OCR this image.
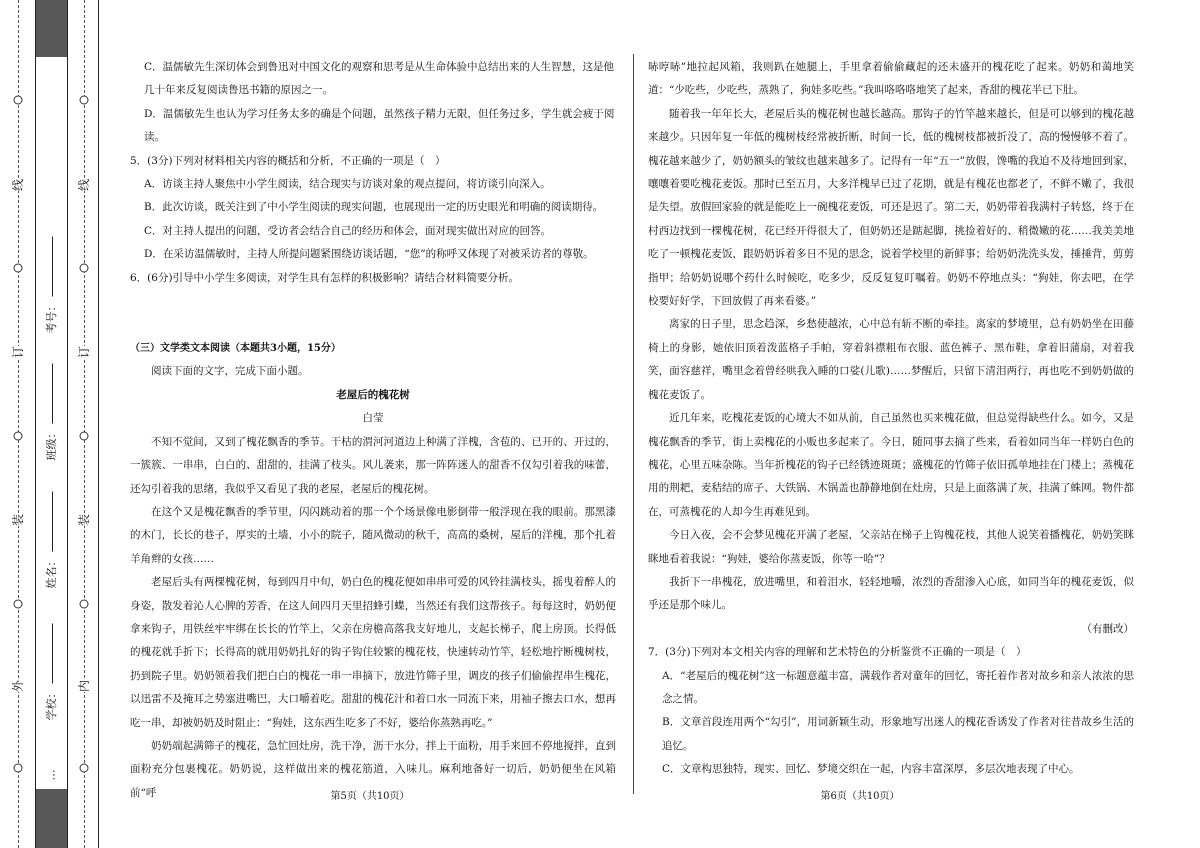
外
装
订
线
内
装
订
线
学校：
姓名：
班级：
考号：
…

C．温儒敏先生深切体会到鲁迅对中国文化的观察和思考是从生命体验中总结出来的人生智慧，这是他

几十年来反复阅读鲁迅书籍的原因之一。

D．温儒敏先生也认为学习任务太多的确是个问题，虽然孩子精力无限，但任务过多，学生就会疲于阅

读。

5．(3分)下列对材料相关内容的概括和分析，不正确的一项是（　）

A．访谈主持人聚焦中小学生阅读，结合现实与访谈对象的观点提问，将访谈引向深入。

B．此次访谈，既关注到了中小学生阅读的现实问题，也展现出一定的历史眼光和明确的阅读期待。

C．对主持人提出的问题，受访者会结合自己的经历和体会，面对现实做出对应的回答。

D．在采访温儒敏时，主持人所提问题紧围绕访谈话题，“您”的称呼又体现了对被采访者的尊敬。

6．(6分)引导中小学生多阅读，对学生具有怎样的积极影响？请结合材料简要分析。

（三）文学类文本阅读（本题共3小题，15分）

阅读下面的文字，完成下面小题。

老屋后的槐花树

白莹

不知不觉间，又到了槐花飘香的季节。干枯的渭河河道边上种满了洋槐，含苞的、已开的、开过的，一簇簇、一串串，白白的、甜甜的，挂满了枝头。风儿袭来，那一阵阵迷人的甜香不仅勾引着我的味蕾，还勾引着我的思绪，我似乎又看见了我的老屋，老屋后的槐花树。

在这个又是槐花飘香的季节里，闪闪跳动着的那一个个场景像电影倒带一般浮现在我的眼前。那黑漆的木门，长长的巷子，厚实的土墙，小小的院子，随风微动的秋千，高高的桑树，屋后的洋槐，那个扎着羊角辫的女孩……

老屋后头有两棵槐花树，每到四月中旬，奶白色的槐花便如串串可爱的风铃挂满枝头，摇曳着醉人的身姿，散发着沁人心脾的芳香，在这人间四月天里招蜂引蝶，当然还有我们这帮孩子。每每这时，奶奶便拿来钩子，用铁丝牢牢绑在长长的竹竿上，父亲在房檐高落我支好地儿，支起长梯子，爬上房顶。长得低的槐花就手折下；长得高的就用奶奶扎好的钩子钩住较繁的槐花枝，快速转动竹竿，轻松地拧断槐树枝，扔到院子里。奶奶领着我们把白白的槐花一串一串摘下，放进竹筛子里，调皮的孩子们偷偷捏串生槐花，以迅雷不及掩耳之势塞进嘴巴，大口嚼着吃。甜甜的槐花汁和着口水一同流下来，用袖子擦去口水，想再吃一串，却被奶奶及时阻止：“狗娃，这东西生吃多了不好，婆给你蒸熟再吃。”

奶奶端起满筛子的槐花，急忙回灶房，洗干净，沥干水分，拌上干面粉，用手来回不停地搅拌，直到面粉充分包裹槐花。奶奶说，这样做出来的槐花筋道，入味儿。麻利地备好一切后，奶奶便坐在风箱前“呼

哧哼哧”地拉起风箱，我则趴在她腿上，手里拿着偷偷藏起的还未盛开的槐花吃了起来。奶奶和蔼地笑道：“少吃些，少吃些，蒸熟了，狗娃多吃些。”我叫咯咯咯地笑了起来，香甜的槐花半已下肚。

随着我一年年长大，老屋后头的槐花树也越长越高。那钩子的竹竿越来越长，但是可以够到的槐花越来越少。只因年复一年低的槐树枝经常被折断，时间一长，低的槐树枝都被折没了，高的慢慢够不着了。槐花越来越少了，奶奶额头的皱纹也越来越多了。记得有一年“五一”放假，馋嘴的我迫不及待地回到家，嚷嚷着要吃槐花麦饭。那时已至五月，大多洋槐早已过了花期，就是有槐花也都老了，不鲜不嫩了，我很是失望。放假回家验的就是能吃上一碗槐花麦饭，可还是迟了。第二天，奶奶带着我满村子转悠，终于在村西边找到一棵槐花树，花已经开得很大了，但奶奶还是踮起脚，挑捡着好的、稍微嫩的花……我美美地吃了一顿槐花麦饭，跟奶奶诉着多日不见的思念，说着学校里的新鲜事；给奶奶洗洗头发，捶捶背，剪剪指甲；给奶奶说哪个药什么时候吃，吃多少，反反复复叮嘱着。奶奶不停地点头：“狗娃，你去吧，在学校要好好学，下回放假了再来看婆。”

离家的日子里，思念趋深，乡愁使越浓，心中总有斩不断的牵挂。离家的梦境里，总有奶奶坐在田藤椅上的身影，她依旧顶着泼蓝格子手帕，穿着斜襟粗布衣服、蓝色裤子、黑布鞋，拿着旧蒲扇，对着我笑，面容慈祥，嘴里念着曾经哄我入睡的口娑(儿歌)……梦醒后，只留下清泪两行，再也吃不到奶奶做的槐花麦饭了。

近几年来，吃槐花麦饭的心境大不如从前，自己虽然也买来槐花做，但总觉得缺些什么。如今，又是槐花飘香的季节，街上卖槐花的小贩也多起来了。今日，随同事去摘了些来，看着如同当年一样奶白色的槐花，心里五味杂陈。当年折槐花的钩子已经锈迹斑斑；盛槐花的竹筛子依旧孤单地挂在门楼上；蒸槐花用的荆耙，麦秸结的席子、大铁锅、木锅盖也静静地倒在灶房，只是上面落满了灰，挂满了蛛网。物件都在，可蒸槐花的人却今生再难见到。

今日入夜，会不会梦见槐花开满了老屋，父亲站在梯子上钩槐花枝，其他人说笑着播槐花，奶奶笑眯眯地看着我说：“狗娃，婆给你蒸麦饭，你等一哈”？

我折下一串槐花，放进嘴里，和着泪水，轻轻地嚼，浓烈的香甜渗入心底，如同当年的槐花麦饭，似乎还是那个味儿。

（有删改）

7．(3分)下列对本文相关内容的理解和艺术特色的分析鉴赏不正确的一项是（　）

A．“老屋后的槐花树”这一标题意蕴丰富，满载作者对童年的回忆，寄托着作者对故乡和亲人浓浓的思念之情。

B．文章首段连用两个“勾引”，用词新颖生动，形象地写出迷人的槐花香诱发了作者对往昔故乡生活的追忆。

C．文章构思独特，现实、回忆、梦境交织在一起，内容丰富深厚，多层次地表现了中心。

第5页（共10页）	第6页（共10页）
